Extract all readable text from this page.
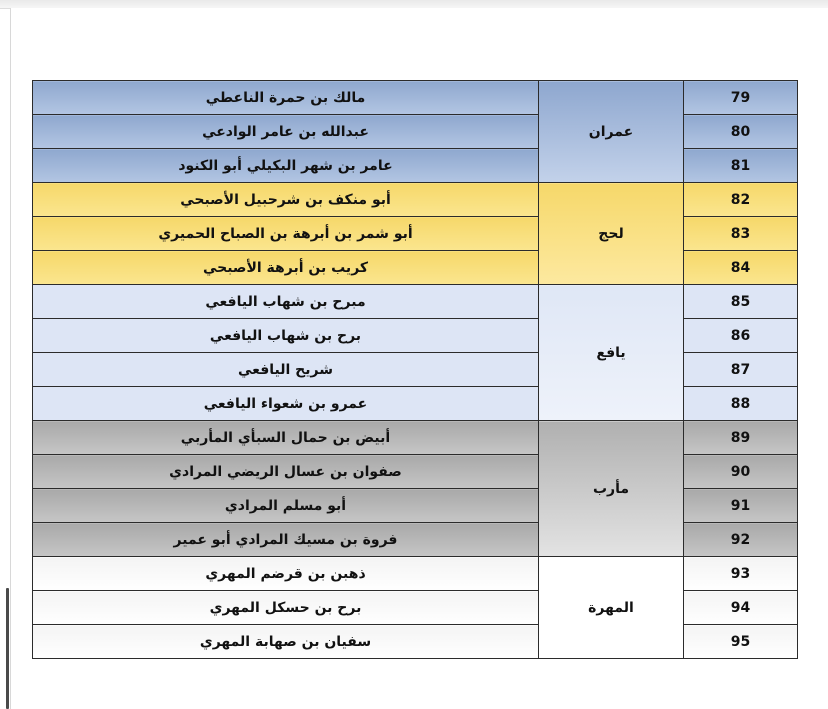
79	عمران	مالك بن حمرة الناعطي
80		عبدالله بن عامر الوادعي
81		عامر بن شهر البكيلي أبو الكنود
82	لحج	أبو منكف بن شرحبيل الأصبحي
83		أبو شمر بن أبرهة بن الصباح الحميري
84		كريب بن أبرهة الأصبحي
85	يافع	مبرح بن شهاب اليافعي
86		برح بن شهاب اليافعي
87		شريح اليافعي
88		عمرو بن شعواء اليافعي
89	مأرب	أبيض بن حمال السبأي المأربي
90		صفوان بن عسال الريضي المرادي
91		أبو مسلم المرادي
92		فروة بن مسيك المرادي أبو عمير
93	المهرة	ذهبن بن قرضم المهري
94		برح بن حسكل المهري
95		سفيان بن صهابة المهري
